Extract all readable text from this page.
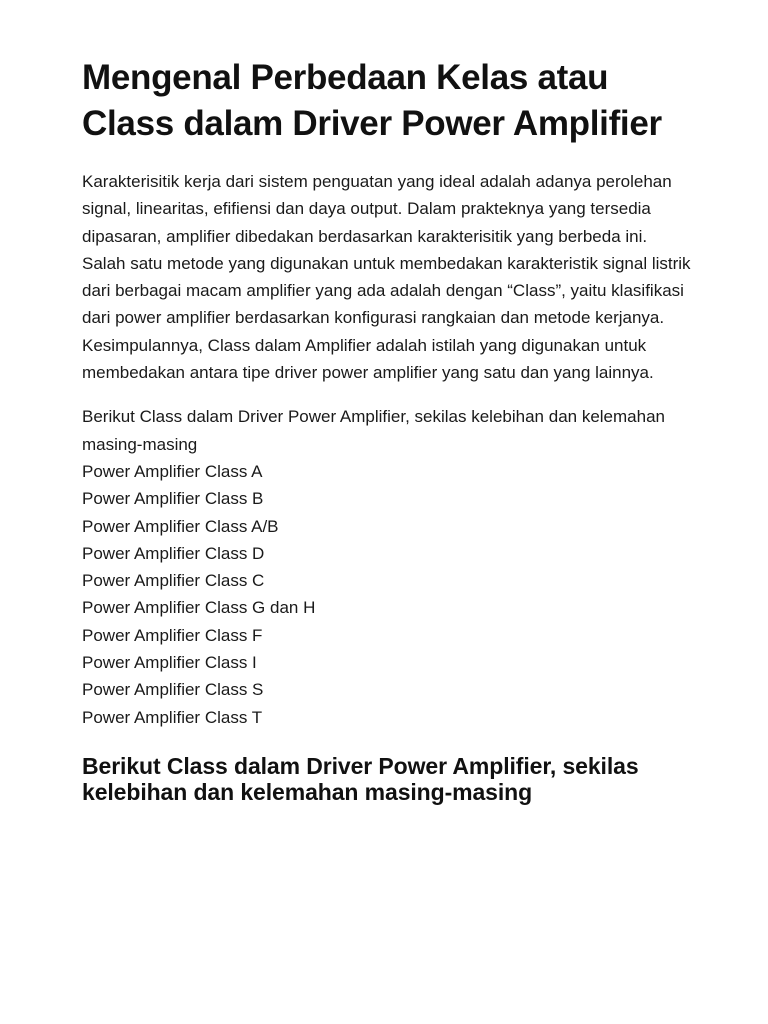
Mengenal Perbedaan Kelas atau Class dalam Driver Power Amplifier

Karakterisitik kerja dari sistem penguatan yang ideal adalah adanya perolehan signal, linearitas, efifiensi dan daya output. Dalam prakteknya yang tersedia dipasaran, amplifier dibedakan berdasarkan karakterisitik yang berbeda ini. Salah satu metode yang digunakan untuk membedakan karakteristik signal listrik dari berbagai macam amplifier yang ada adalah dengan “Class”, yaitu klasifikasi dari power amplifier berdasarkan konfigurasi rangkaian dan metode kerjanya. Kesimpulannya, Class dalam Amplifier adalah istilah yang digunakan untuk membedakan antara tipe driver power amplifier yang satu dan yang lainnya.

Berikut Class dalam Driver Power Amplifier, sekilas kelebihan dan kelemahan masing-masing

Power Amplifier Class A
Power Amplifier Class B
Power Amplifier Class A/B
Power Amplifier Class D
Power Amplifier Class C
Power Amplifier Class G dan H
Power Amplifier Class F
Power Amplifier Class I
Power Amplifier Class S
Power Amplifier Class T
Berikut Class dalam Driver Power Amplifier, sekilas kelebihan dan kelemahan masing-masing
